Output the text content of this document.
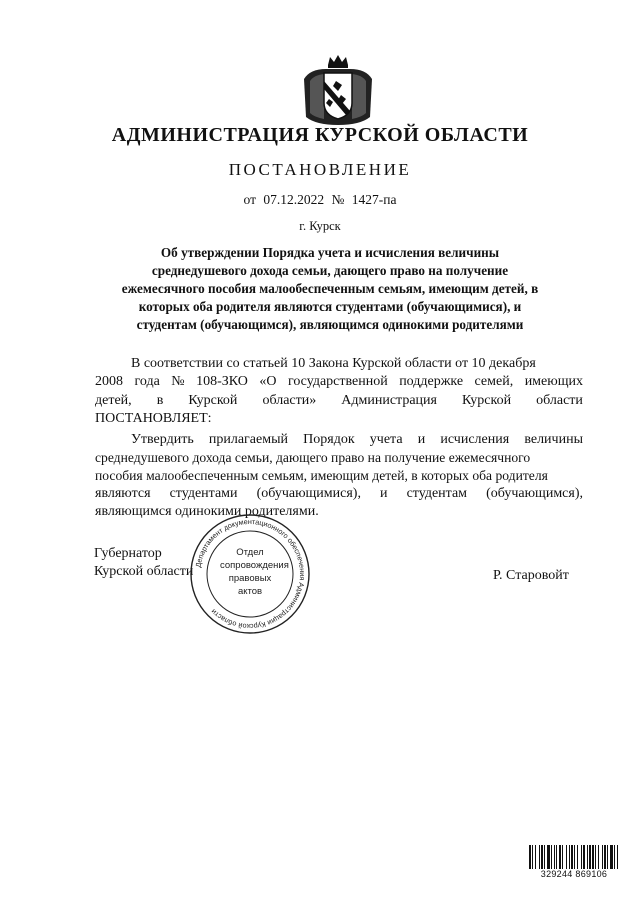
АДМИНИСТРАЦИЯ КУРСКОЙ ОБЛАСТИ
ПОСТАНОВЛЕНИЕ
от 07.12.2022 № 1427-па
г. Курск
Об утверждении Порядка учета и исчисления величины
среднедушевого дохода семьи, дающего право на получение
ежемесячного пособия малообеспеченным семьям, имеющим детей, в
которых оба родителя являются студентами (обучающимися), и
студентам (обучающимся), являющимся одинокими родителями
В соответствии со статьей 10 Закона Курской области от 10 декабря
2008 года № 108-ЗКО «О государственной поддержке семей, имеющих
детей, в Курской области» Администрация Курской области
ПОСТАНОВЛЯЕТ:
Утвердить прилагаемый Порядок учета и исчисления величины
среднедушевого дохода семьи, дающего право на получение ежемесячного
пособия малообеспеченным семьям, имеющим детей, в которых оба родителя
являются студентами (обучающимися), и студентам (обучающимся),
являющимся одинокими родителями.
Губернатор
Курской области	Р. Старовойт
Департамент документационного обеспечения Администрации Курской области
Отдел
сопровождения
правовых
актов
329244 869106
